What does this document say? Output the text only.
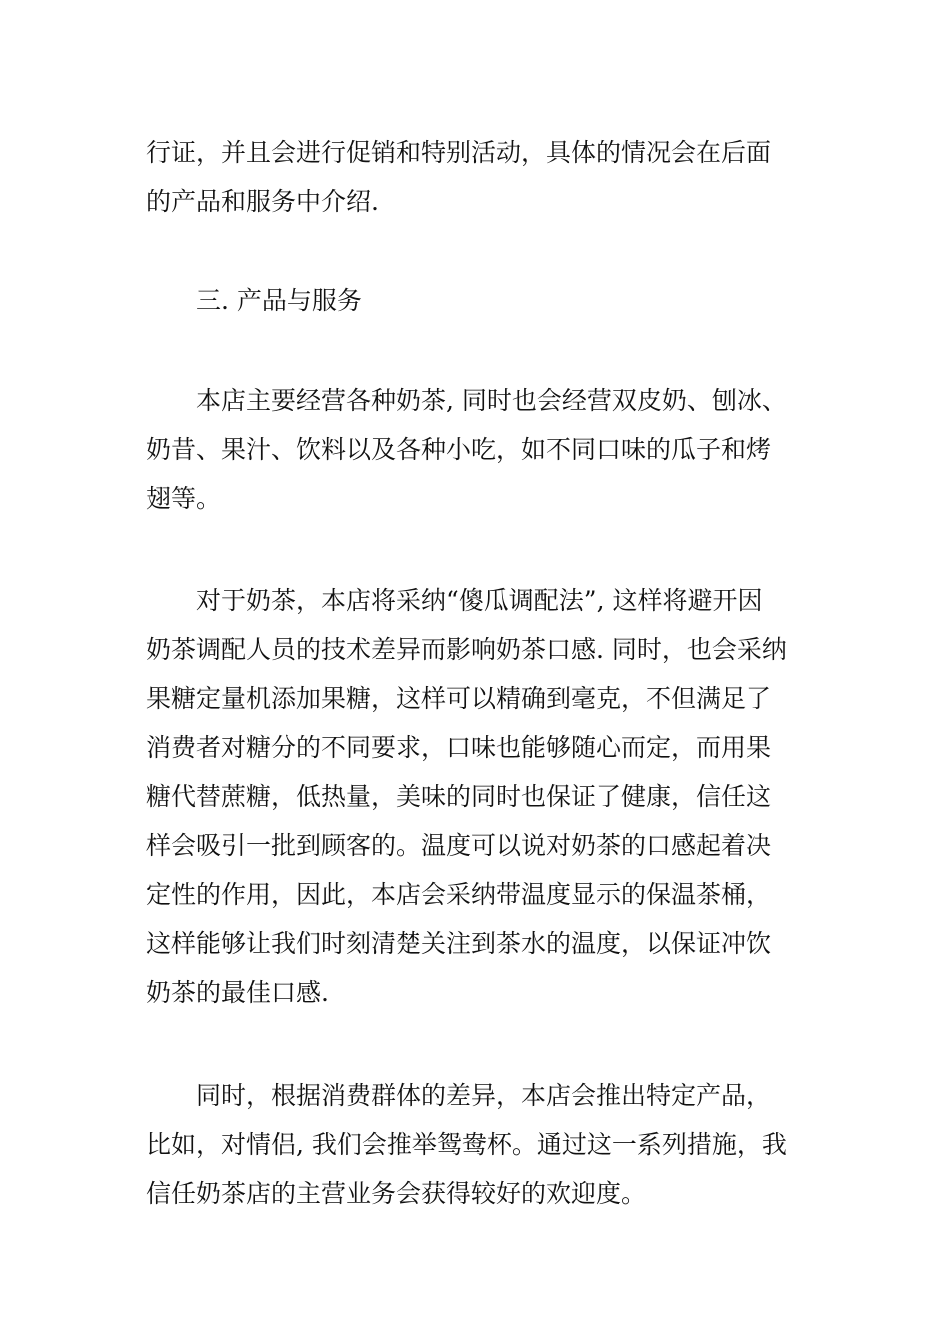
行证，并且会进行促销和特别活动，具体的情况会在后面
的产品和服务中介绍.
三. 产品与服务
本店主要经营各种奶茶, 同时也会经营双皮奶、刨冰、
奶昔、果汁、饮料以及各种小吃，如不同口味的瓜子和烤
翅等。
对于奶茶，本店将采纳“傻瓜调配法”, 这样将避开因
奶茶调配人员的技术差异而影响奶茶口感. 同时，也会采纳
果糖定量机添加果糖，这样可以精确到毫克，不但满足了
消费者对糖分的不同要求，口味也能够随心而定，而用果
糖代替蔗糖，低热量，美味的同时也保证了健康，信任这
样会吸引一批到顾客的。温度可以说对奶茶的口感起着决
定性的作用，因此，本店会采纳带温度显示的保温茶桶，
这样能够让我们时刻清楚关注到茶水的温度，以保证冲饮
奶茶的最佳口感.
同时，根据消费群体的差异，本店会推出特定产品，
比如，对情侣, 我们会推举鸳鸯杯。通过这一系列措施，我
信任奶茶店的主营业务会获得较好的欢迎度。
